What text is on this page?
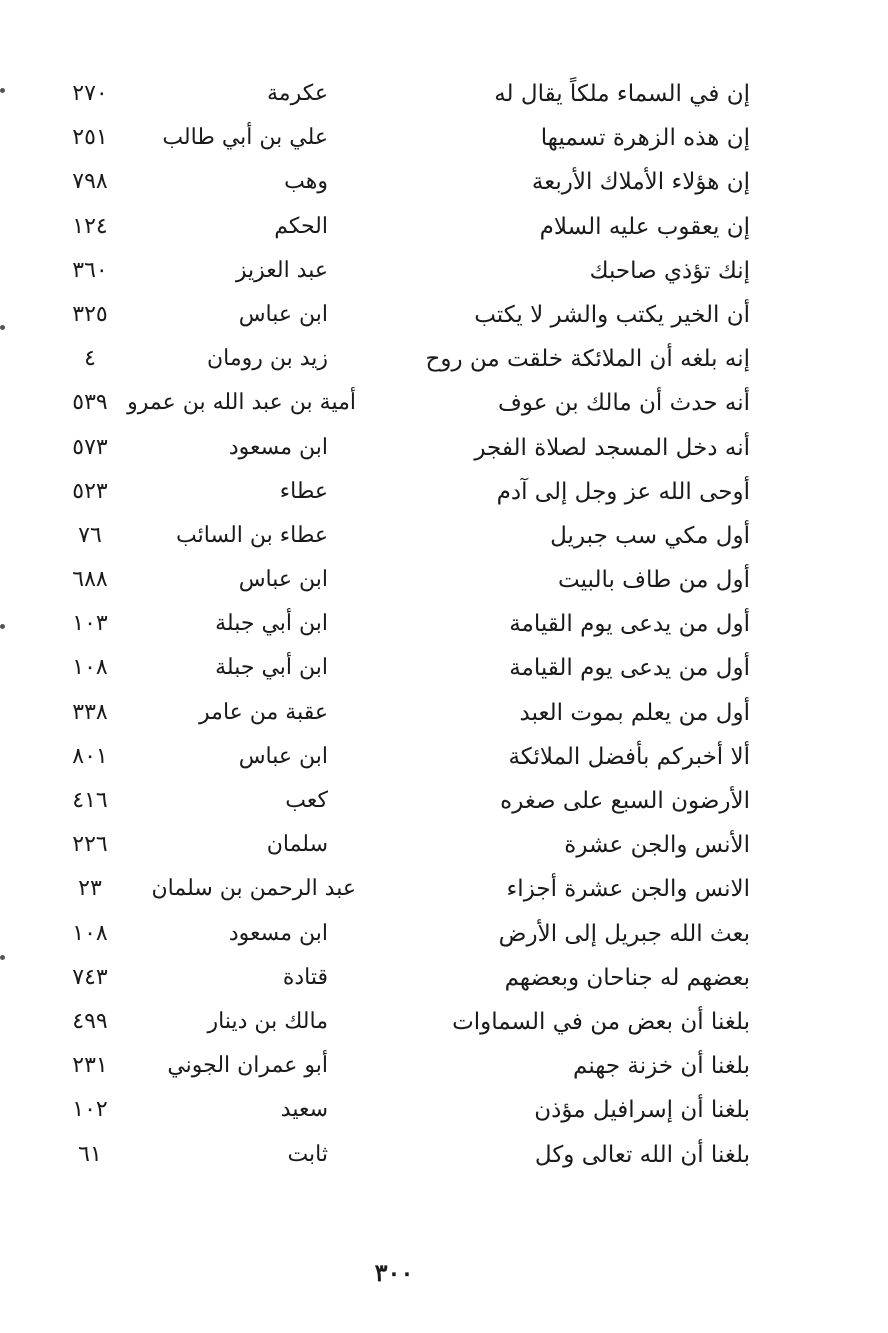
إن في السماء ملكاً يقال له
عكرمة
٢٧٠
إن هذه الزهرة تسميها
علي بن أبي طالب
٢٥١
إن هؤلاء الأملاك الأربعة
وهب
٧٩٨
إن يعقوب عليه السلام
الحكم
١٢٤
إنك تؤذي صاحبك
عبد العزيز
٣٦٠
أن الخير يكتب والشر لا يكتب
ابن عباس
٣٢٥
إنه بلغه أن الملائكة خلقت من روح
زيد بن رومان
٤
أنه حدث أن مالك بن عوف
أمية بن عبد الله بن عمرو
٥٣٩
أنه دخل المسجد لصلاة الفجر
ابن مسعود
٥٧٣
أوحى الله عز وجل إلى آدم
عطاء
٥٢٣
أول مكي سب جبريل
عطاء بن السائب
٧٦
أول من طاف بالبيت
ابن عباس
٦٨٨
أول من يدعى يوم القيامة
ابن أبي جبلة
١٠٣
أول من يدعى يوم القيامة
ابن أبي جبلة
١٠٨
أول من يعلم بموت العبد
عقبة من عامر
٣٣٨
ألا أخبركم بأفضل الملائكة
ابن عباس
٨٠١
الأرضون السبع على صغره
كعب
٤١٦
الأنس والجن عشرة
سلمان
٢٢٦
الانس والجن عشرة أجزاء
عبد الرحمن بن سلمان
٢٣
بعث الله جبريل إلى الأرض
ابن مسعود
١٠٨
بعضهم له جناحان وبعضهم
قتادة
٧٤٣
بلغنا أن بعض من في السماوات
مالك بن دينار
٤٩٩
بلغنا أن خزنة جهنم
أبو عمران الجوني
٢٣١
بلغنا أن إسرافيل مؤذن
سعيد
١٠٢
بلغنا أن الله تعالى وكل
ثابت
٦١
٣٠٠
